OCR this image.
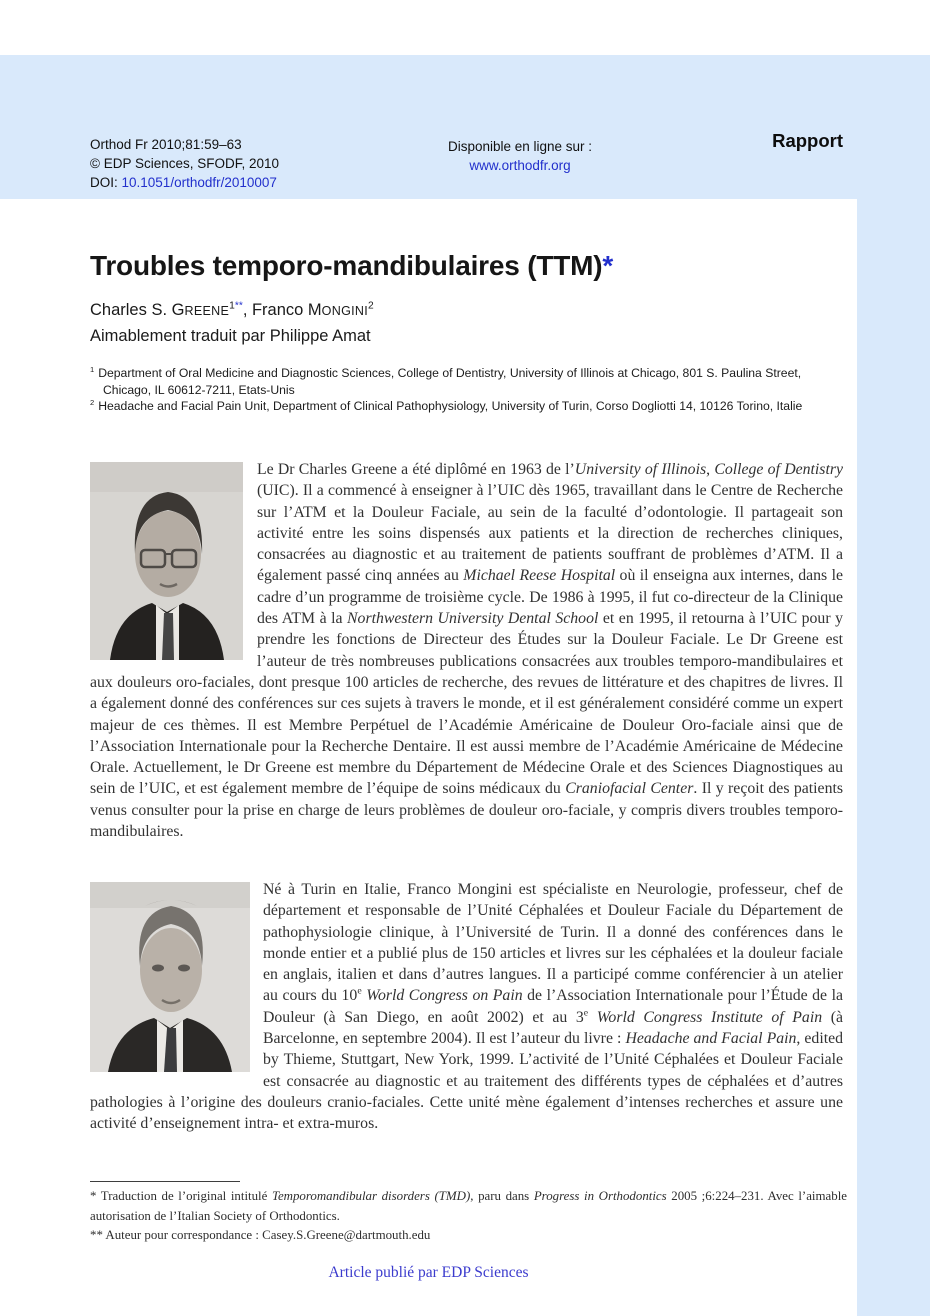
Orthod Fr 2010;81:59–63
© EDP Sciences, SFODF, 2010
DOI: 10.1051/orthodfr/2010007
Disponible en ligne sur :
www.orthodfr.org
Rapport
Troubles temporo-mandibulaires (TTM)*
Charles S. $GREENE^{1**}$, Franco MONGINI$^2$
Aimablement traduit par Philippe Amat
$^1$ Department of Oral Medicine and Diagnostic Sciences, College of Dentistry, University of Illinois at Chicago, 801 S. Paulina Street, Chicago, IL 60612-7211, Etats-Unis
$^2$ Headache and Facial Pain Unit, Department of Clinical Pathophysiology, University of Turin, Corso Dogliotti 14, 10126 Torino, Italie
Le Dr Charles Greene a été diplômé en 1963 de l’University of Illinois, College of Dentistry (UIC). Il a commencé à enseigner à l’UIC dès 1965, travaillant dans le Centre de Recherche sur l’ATM et la Douleur Faciale, au sein de la faculté d’odontologie. Il partageait son activité entre les soins dispensés aux patients et la direction de recherches cliniques, consacrées au diagnostic et au traitement de patients souffrant de problèmes d’ATM. Il a également passé cinq années au Michael Reese Hospital où il enseigna aux internes, dans le cadre d’un programme de troisième cycle. De 1986 à 1995, il fut co-directeur de la Clinique des ATM à la Northwestern University Dental School et en 1995, il retourna à l’UIC pour y prendre les fonctions de Directeur des Études sur la Douleur Faciale. Le Dr Greene est l’auteur de très nombreuses publications consacrées aux troubles temporo-mandibulaires et aux douleurs oro-faciales, dont presque 100 articles de recherche, des revues de littérature et des chapitres de livres. Il a également donné des conférences sur ces sujets à travers le monde, et il est généralement considéré comme un expert majeur de ces thèmes. Il est Membre Perpétuel de l’Académie Américaine de Douleur Oro-faciale ainsi que de l’Association Internationale pour la Recherche Dentaire. Il est aussi membre de l’Académie Américaine de Médecine Orale. Actuellement, le Dr Greene est membre du Département de Médecine Orale et des Sciences Diagnostiques au sein de l’UIC, et est également membre de l’équipe de soins médicaux du Craniofacial Center. Il y reçoit des patients venus consulter pour la prise en charge de leurs problèmes de douleur oro-faciale, y compris divers troubles temporo-mandibulaires.
Né à Turin en Italie, Franco Mongini est spécialiste en Neurologie, professeur, chef de département et responsable de l’Unité Céphalées et Douleur Faciale du Département de pathophysiologie clinique, à l’Université de Turin. Il a donné des conférences dans le monde entier et a publié plus de 150 articles et livres sur les céphalées et la douleur faciale en anglais, italien et dans d’autres langues. Il a participé comme conférencier à un atelier au cours du 10e World Congress on Pain de l’Association Internationale pour l’Étude de la Douleur (à San Diego, en août 2002) et au 3e World Congress Institute of Pain (à Barcelonne, en septembre 2004). Il est l’auteur du livre : Headache and Facial Pain, edited by Thieme, Stuttgart, New York, 1999. L’activité de l’Unité Céphalées et Douleur Faciale est consacrée au diagnostic et au traitement des différents types de céphalées et d’autres pathologies à l’origine des douleurs cranio-faciales. Cette unité mène également d’intenses recherches et assure une activité d’enseignement intra- et extra-muros.
* Traduction de l’original intitulé Temporomandibular disorders (TMD), paru dans Progress in Orthodontics 2005 ;6:224–231. Avec l’aimable autorisation de l’Italian Society of Orthodontics.
** Auteur pour correspondance : Casey.S.Greene@dartmouth.edu
Article publié par EDP Sciences
